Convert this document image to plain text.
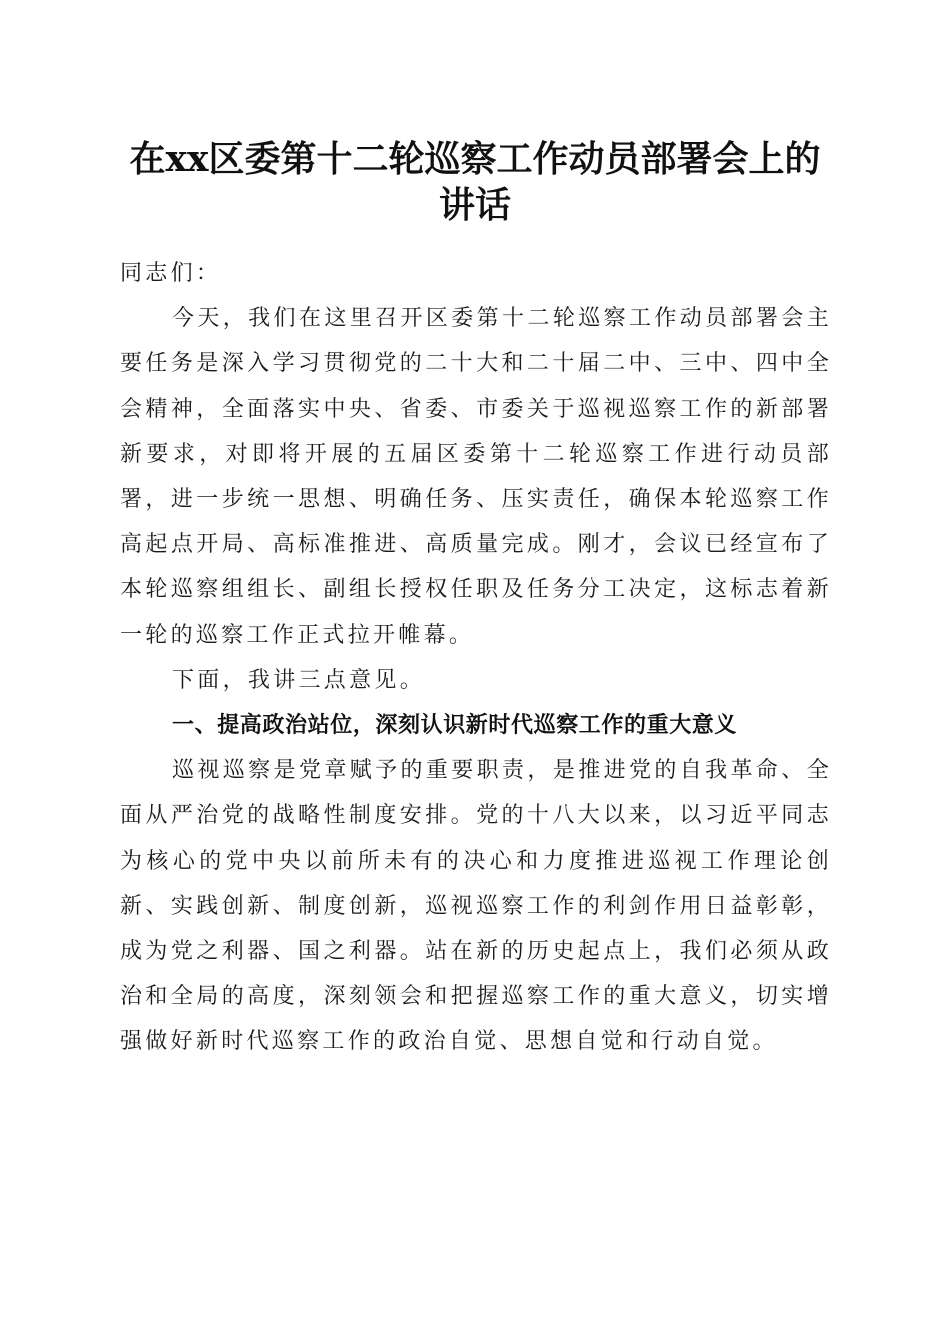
在xx区委第十二轮巡察工作动员部署会上的
讲话

同志们：

今天，我们在这里召开区委第十二轮巡察工作动员部署会主要任务是深入学习贯彻党的二十大和二十届二中、三中、四中全会精神，全面落实中央、省委、市委关于巡视巡察工作的新部署新要求，对即将开展的五届区委第十二轮巡察工作进行动员部署，进一步统一思想、明确任务、压实责任，确保本轮巡察工作高起点开局、高标准推进、高质量完成。刚才，会议已经宣布了本轮巡察组组长、副组长授权任职及任务分工决定，这标志着新一轮的巡察工作正式拉开帷幕。

下面，我讲三点意见。

一、提高政治站位，深刻认识新时代巡察工作的重大意义

巡视巡察是党章赋予的重要职责，是推进党的自我革命、全面从严治党的战略性制度安排。党的十八大以来，以习近平同志为核心的党中央以前所未有的决心和力度推进巡视工作理论创新、实践创新、制度创新，巡视巡察工作的利剑作用日益彰彰，成为党之利器、国之利器。站在新的历史起点上，我们必须从政治和全局的高度，深刻领会和把握巡察工作的重大意义，切实增强做好新时代巡察工作的政治自觉、思想自觉和行动自觉。
